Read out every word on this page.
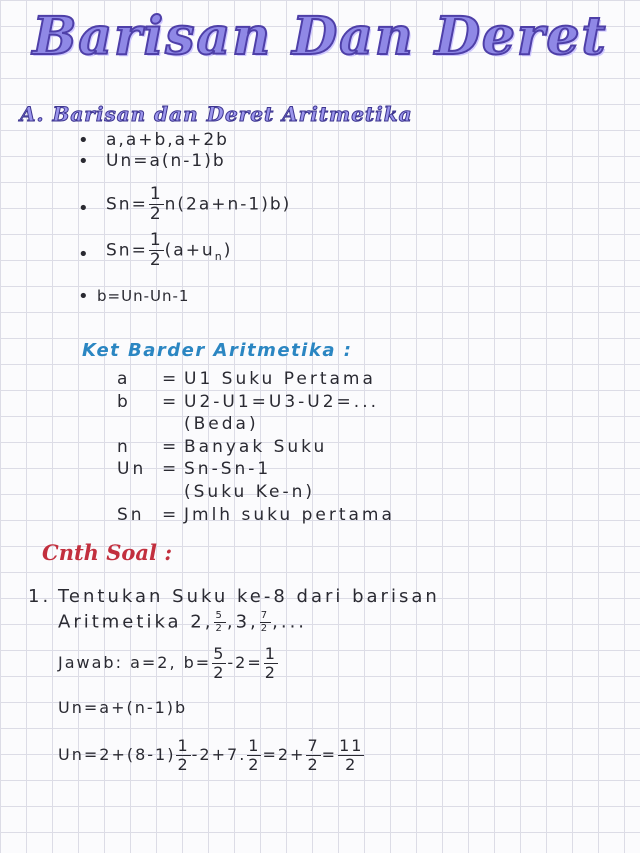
Barisan Dan Deret
A. Barisan dan Deret Aritmetika
• a,a+b,a+2b
• Un=a(n-1)b
• $Sn= \frac{1}{2} n(2a+n-1)b$)
• $Sn= \frac{1}{2} (a+u_n)$
• b=Un-Un-1
Ket Barder Aritmetika :
a = U1 Suku Pertama
b = U2-U1=U3-U2=...
(Beda)
n = Banyak Suku
Un = Sn-Sn-1
(Suku Ke-n)
Sn = Jmlh suku pertama
Cnth Soal :
1. Tentukan Suku ke-8 dari barisan
Aritmetika 2, $\frac{5}{2} ,3$, $\frac{7}{2}$ ,...
Jawab: a=2, $b= \frac{5}{2} -2= \frac{1}{2}$
Un=a+(n-1)b
$Un=2+(8-1) \frac{1}{2} -2+7$. $\frac{1}{2} =2+ \frac{7}{2} = \frac{11}{2}$
